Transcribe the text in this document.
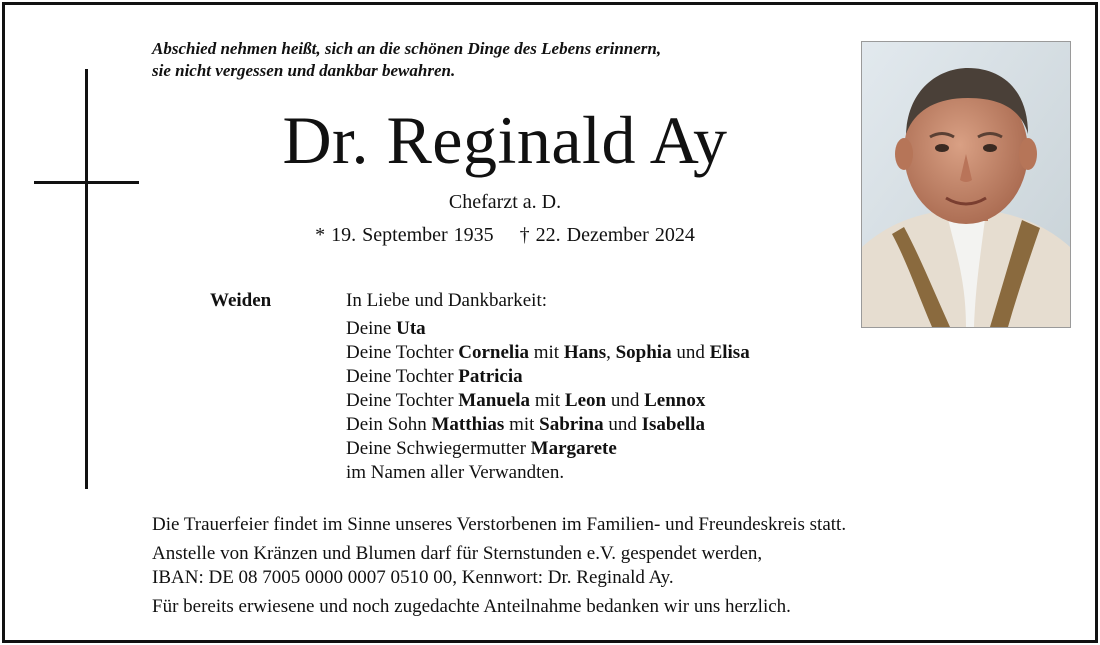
Abschied nehmen heißt, sich an die schönen Dinge des Lebens erinnern,
sie nicht vergessen und dankbar bewahren.
Dr. Reginald Ay
Chefarzt a. D.
* 19. September 1935 † 22. Dezember 2024
Weiden	In Liebe und Dankbarkeit:
Deine Uta
Deine Tochter Cornelia mit Hans, Sophia und Elisa
Deine Tochter Patricia
Deine Tochter Manuela mit Leon und Lennox
Dein Sohn Matthias mit Sabrina und Isabella
Deine Schwiegermutter Margarete
im Namen aller Verwandten.
Die Trauerfeier findet im Sinne unseres Verstorbenen im Familien- und Freundeskreis statt.
Anstelle von Kränzen und Blumen darf für Sternstunden e.V. gespendet werden,
IBAN: DE 08 7005 0000 0007 0510 00, Kennwort: Dr. Reginald Ay.
Für bereits erwiesene und noch zugedachte Anteilnahme bedanken wir uns herzlich.
